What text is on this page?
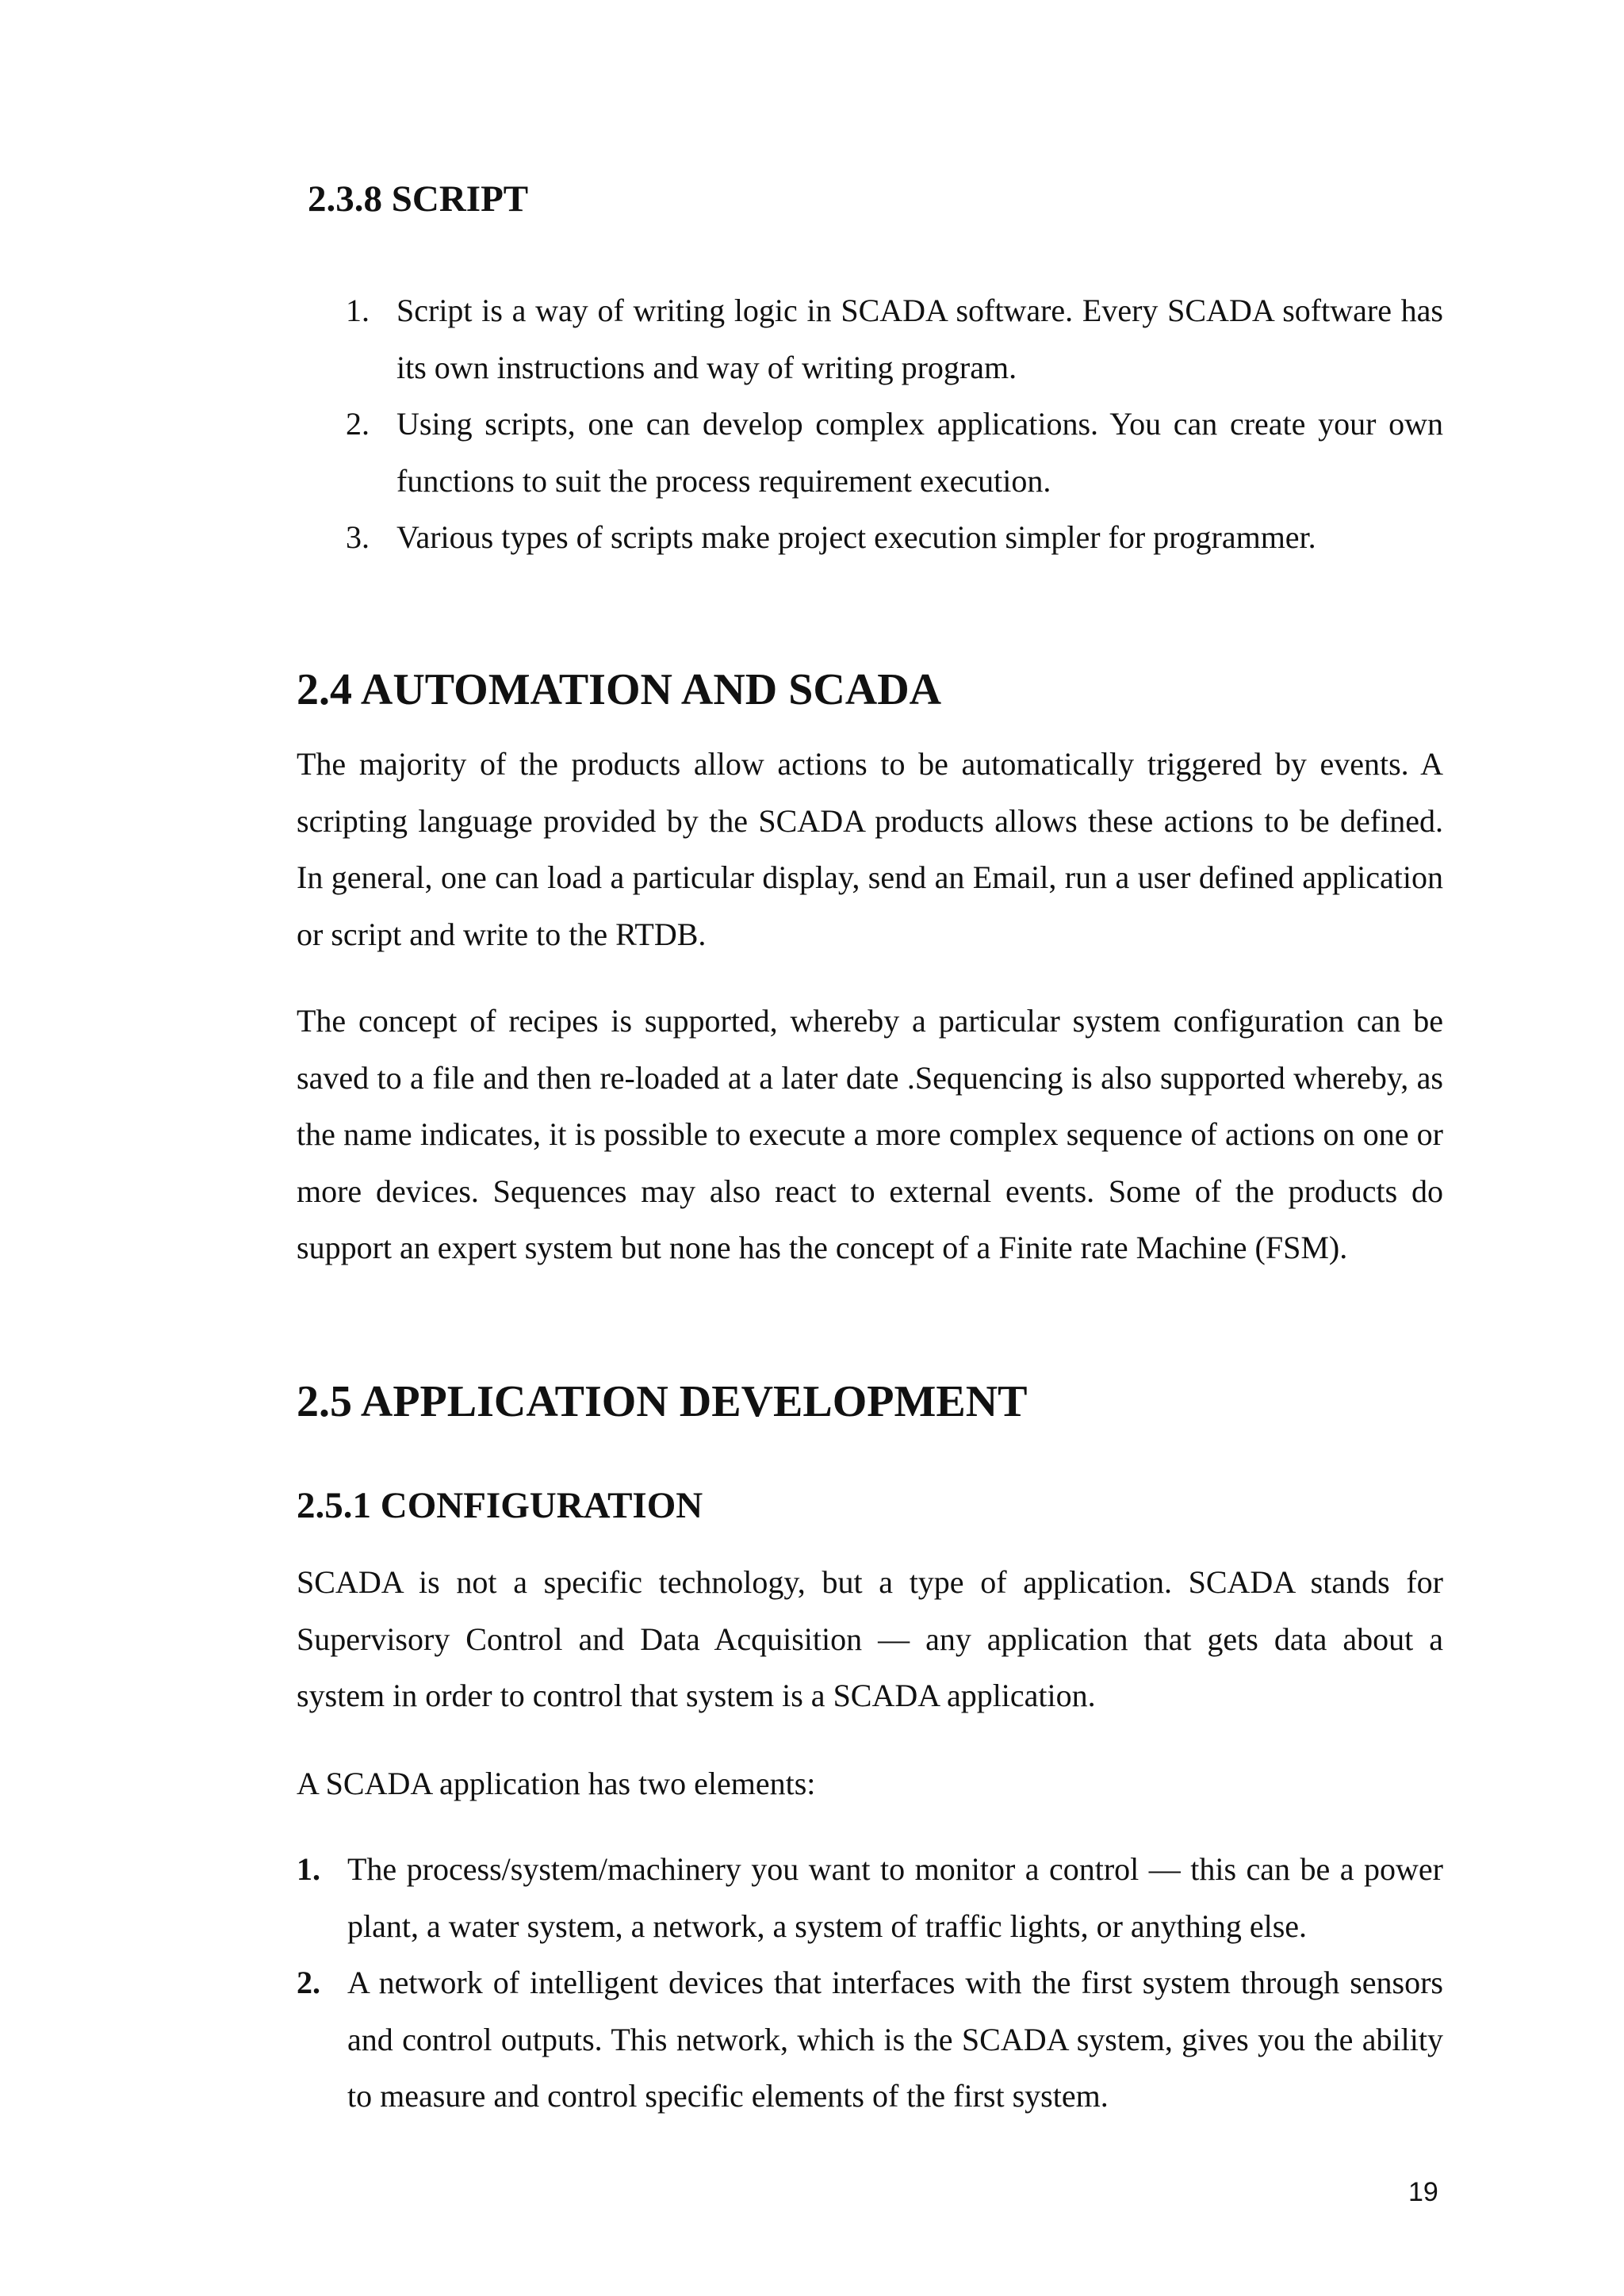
2.3.8 SCRIPT
1. Script is a way of writing logic in SCADA software. Every SCADA software has its own instructions and way of writing program.
2. Using scripts, one can develop complex applications. You can create your own functions to suit the process requirement execution.
3. Various types of scripts make project execution simpler for programmer.
2.4 AUTOMATION AND SCADA

The majority of the products allow actions to be automatically triggered by events. A scripting language provided by the SCADA products allows these actions to be defined. In general, one can load a particular display, send an Email, run a user defined application or script and write to the RTDB.

The concept of recipes is supported, whereby a particular system configuration can be saved to a file and then re-loaded at a later date .Sequencing is also supported whereby, as the name indicates, it is possible to execute a more complex sequence of actions on one or more devices. Sequences may also react to external events. Some of the products do support an expert system but none has the concept of a Finite rate Machine (FSM).

2.5 APPLICATION DEVELOPMENT
2.5.1 CONFIGURATION

SCADA is not a specific technology, but a type of application. SCADA stands for Supervisory Control and Data Acquisition — any application that gets data about a system in order to control that system is a SCADA application.

A SCADA application has two elements:

1. The process/system/machinery you want to monitor a control — this can be a power plant, a water system, a network, a system of traffic lights, or anything else.
2. A network of intelligent devices that interfaces with the first system through sensors and control outputs. This network, which is the SCADA system, gives you the ability to measure and control specific elements of the first system.
19
